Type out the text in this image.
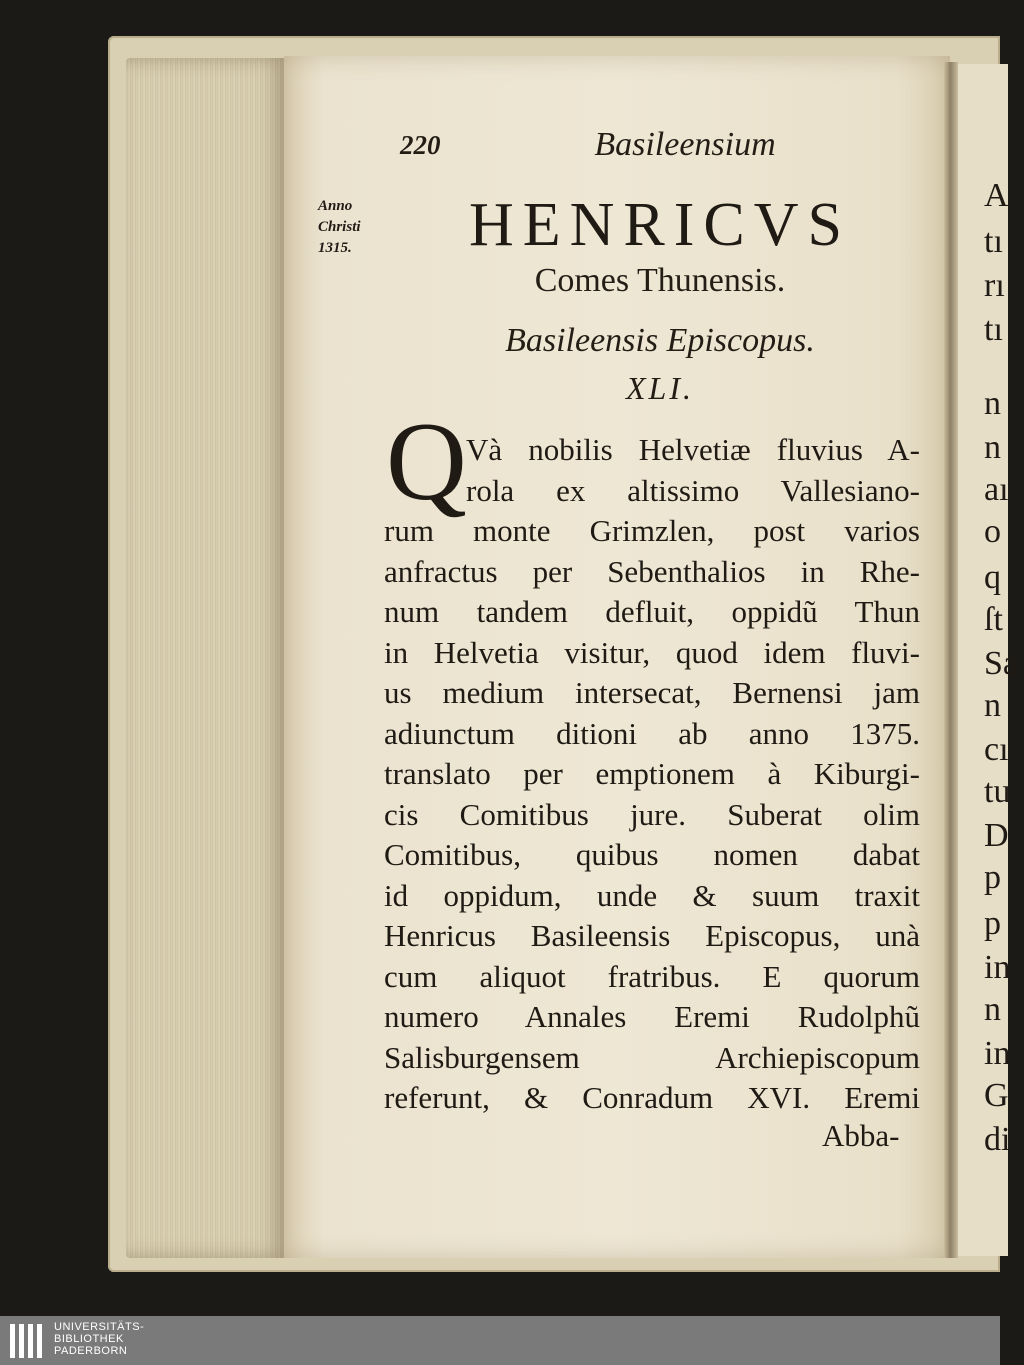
A
tı
rı
tı
n
n
aı
o
q
ſt
Sa
n
cı
tu
D
p
p
in
n
in
G
di
220	Basileensium
Anno
Christi
1315.	HENRICVS
Comes Thunensis.
Basileensis Episcopus.
XLI.
Q Và nobilis Helvetiæ fluvius A-
rola ex altissimo Vallesiano-
rum monte Grimzlen, post varios
anfractus per Sebenthalios in Rhe-
num tandem defluit, oppidũ Thun
in Helvetia visitur, quod idem fluvi-
us medium intersecat, Bernensi jam
adiunctum ditioni ab anno 1375.
translato per emptionem à Kiburgi-
cis Comitibus jure. Suberat olim
Comitibus, quibus nomen dabat
id oppidum, unde & suum traxit
Henricus Basileensis Episcopus, unà
cum aliquot fratribus. E quorum
numero Annales Eremi Rudolphũ
Salisburgensem Archiepiscopum
referunt, & Conradum XVI. Eremi
Abba-
UNIVERSITÄTS-
BIBLIOTHEK
PADERBORN
